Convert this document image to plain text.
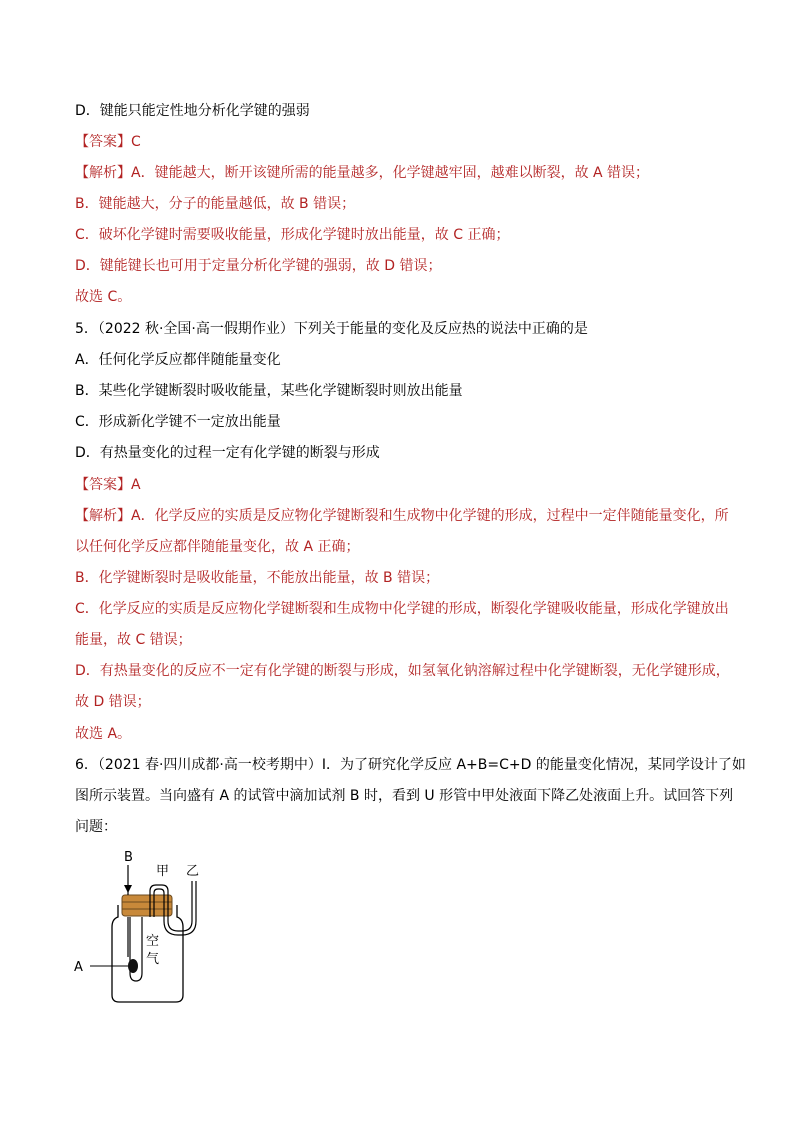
D．键能只能定性地分析化学键的强弱
【答案】C
【解析】A．键能越大，断开该键所需的能量越多，化学键越牢固，越难以断裂，故 A 错误；
B．键能越大，分子的能量越低，故 B 错误；
C．破坏化学键时需要吸收能量，形成化学键时放出能量，故 C 正确；
D．键能键长也可用于定量分析化学键的强弱，故 D 错误；
故选 C。
5．（2022 秋·全国·高一假期作业）下列关于能量的变化及反应热的说法中正确的是
A．任何化学反应都伴随能量变化
B．某些化学键断裂时吸收能量，某些化学键断裂时则放出能量
C．形成新化学键不一定放出能量
D．有热量变化的过程一定有化学键的断裂与形成
【答案】A
【解析】A．化学反应的实质是反应物化学键断裂和生成物中化学键的形成，过程中一定伴随能量变化，所
以任何化学反应都伴随能量变化，故 A 正确；
B．化学键断裂时是吸收能量，不能放出能量，故 B 错误；
C．化学反应的实质是反应物化学键断裂和生成物中化学键的形成，断裂化学键吸收能量，形成化学键放出
能量，故 C 错误；
D．有热量变化的反应不一定有化学键的断裂与形成，如氢氧化钠溶解过程中化学键断裂，无化学键形成，
故 D 错误；
故选 A。
6．（2021 春·四川成都·高一校考期中）Ⅰ．为了研究化学反应 A+B=C+D 的能量变化情况，某同学设计了如
图所示装置。当向盛有 A 的试管中滴加试剂 B 时，看到 U 形管中甲处液面下降乙处液面上升。试回答下列
问题：
B
甲 乙
空
气
A
